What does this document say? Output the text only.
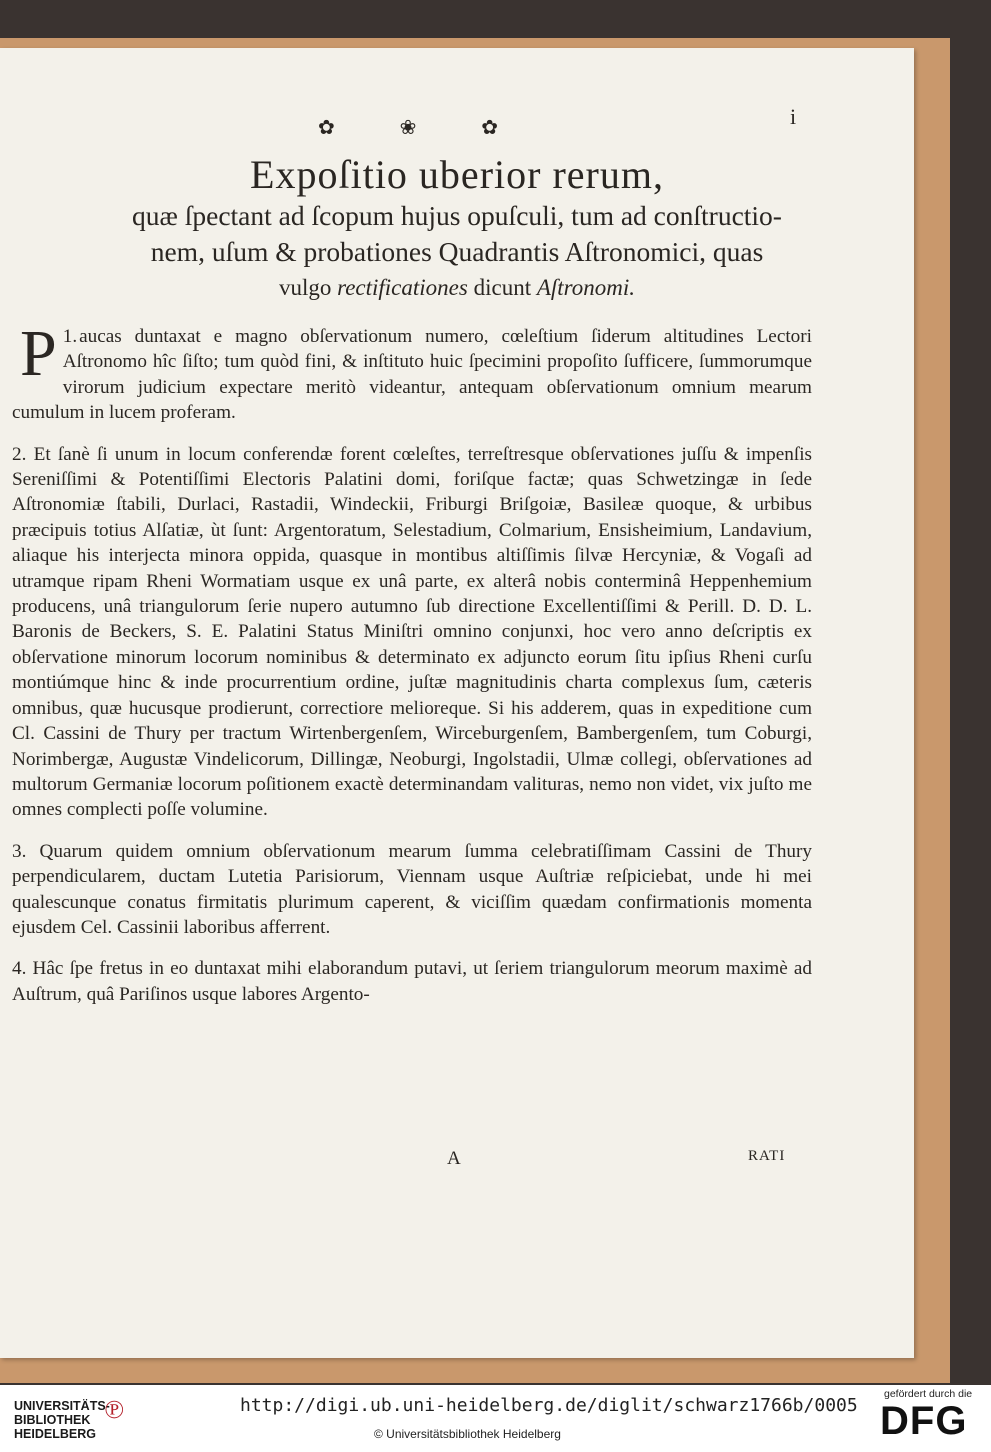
✿	❀	✿	i
Expoſitio uberior rerum,
quæ ſpectant ad ſcopum hujus opuſculi, tum ad conſtructio-
nem, uſum & probationes Quadrantis Aſtronomici, quas
vulgo rectificationes dicunt Aſtronomi.

1.
P aucas duntaxat e magno obſervationum numero, cœleſtium ſiderum altitudines Lectori Aſtronomo hîc ſiſto; tum quòd fini, & inſtituto huic ſpecimini propoſito ſufficere, ſummorumque virorum judicium expectare meritò videantur, antequam obſervationum omnium mearum cumulum in lucem proferam.

2. Et ſanè ſi unum in locum conferendæ forent cœleſtes, terreſtresque obſervationes juſſu & impenſis Sereniſſimi & Potentiſſimi Electoris Palatini domi, foriſque factæ; quas Schwetzingæ in ſede Aſtronomiæ ſtabili, Durlaci, Rastadii, Windeckii, Friburgi Briſgoiæ, Basileæ quoque, & urbibus præcipuis totius Alſatiæ, ùt ſunt: Argentoratum, Selestadium, Colmarium, Ensisheimium, Landavium, aliaque his interjecta minora oppida, quasque in montibus altiſſimis ſilvæ Hercyniæ, & Vogaſi ad utramque ripam Rheni Wormatiam usque ex unâ parte, ex alterâ nobis conterminâ Heppenhemium producens, unâ triangulorum ſerie nupero autumno ſub directione Excellentiſſimi & Perill. D. D. L. Baronis de Beckers, S. E. Palatini Status Miniſtri omnino conjunxi, hoc vero anno deſcriptis ex obſervatione minorum locorum nominibus & determinato ex adjuncto eorum ſitu ipſius Rheni curſu montiúmque hinc & inde procurrentium ordine, juſtæ magnitudinis charta complexus ſum, cæteris omnibus, quæ hucusque prodierunt, correctiore melioreque. Si his adderem, quas in expeditione cum Cl. Cassini de Thury per tractum Wirtenbergenſem, Wirceburgenſem, Bambergenſem, tum Coburgi, Norimbergæ, Augustæ Vindelicorum, Dillingæ, Neoburgi, Ingolstadii, Ulmæ collegi, obſervationes ad multorum Germaniæ locorum poſitionem exactè determinandam valituras, nemo non videt, vix juſto me omnes complecti poſſe volumine.

3. Quarum quidem omnium obſervationum mearum ſumma celebratiſſimam Cassini de Thury perpendicularem, ductam Lutetia Parisiorum, Viennam usque Auſtriæ reſpiciebat, unde hi mei qualescunque conatus firmitatis plurimum caperent, & viciſſim quædam confirmationis momenta ejusdem Cel. Cassinii laboribus afferrent.

4. Hâc ſpe fretus in eo duntaxat mihi elaborandum putavi, ut ſeriem triangulorum meorum maximè ad Auſtrum, quâ Pariſinos usque labores Argento-

A	RATI
UNIVERSITÄTS-
BIBLIOTHEK
HEIDELBERG
℗	http://digi.ub.uni-heidelberg.de/diglit/schwarz1766b/0005
© Universitätsbibliothek Heidelberg
gefördert durch die
DFG
